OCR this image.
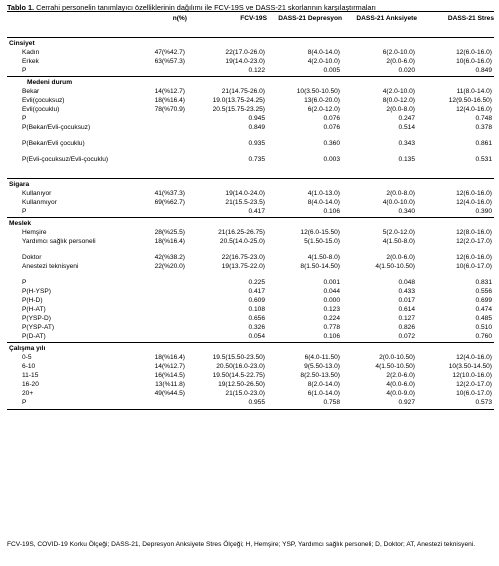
Tablo 1. Cerrahi personelin tanımlayıcı özelliklerinin dağılımı ile FCV-19S ve DASS-21 skorlarının karşılaştırmaları
	n(%)	FCV-19S	DASS-21 Depresyon	DASS-21 Anksiyete	DASS-21 Stres
Cinsiyet					
Kadın	47(%42.7)	22(17.0-26.0)	8(4.0-14.0)	6(2.0-10.0)	12(6.0-16.0)
Erkek	63(%57.3)	19(14.0-23.0)	4(2.0-10.0)	2(0.0-6.0)	10(6.0-16.0)
P		0.122	0.005	0.020	0.849
Medeni durum					
Bekar	14(%12.7)	21(14.75-26.0)	10(3.50-10.50)	4(2.0-10.0)	11(8.0-14.0)
Evli(çocuksuz)	18(%16.4)	19.0(13.75-24.25)	13(6.0-20.0)	8(0.0-12.0)	12(9.50-16.50)
Evli(çocuklu)	78(%70.9)	20.5(15.75-23.25)	6(2.0-12.0)	2(0.0-8.0)	12(4.0-16.0)
P		0.945	0.076	0.247	0.748
P(Bekar/Evli-çocuksuz)		0.849	0.076	0.514	0.378
P(Bekar/Evli çocuklu)		0.935	0.360	0.343	0.861
P(Evli-çocuksuz/Evli-çocuklu)		0.735	0.003	0.135	0.531
Sigara					
Kullanıyor	41(%37.3)	19(14.0-24.0)	4(1.0-13.0)	2(0.0-8.0)	12(6.0-16.0)
Kullanmıyor	69(%62.7)	21(15.5-23.5)	8(4.0-14.0)	4(0.0-10.0)	12(4.0-16.0)
P		0.417	0.106	0.340	0.390
Meslek					
Hemşire	28(%25.5)	21(16.25-26.75)	12(6.0-15.50)	5(2.0-12.0)	12(8.0-16.0)
Yardımcı sağlık personeli	18(%16.4)	20.5(14.0-25.0)	5(1.50-15.0)	4(1.50-8.0)	12(2.0-17.0)
Doktor	42(%38.2)	22(16.75-23.0)	4(1.50-8.0)	2(0.0-6.0)	12(6.0-16.0)
Anestezi teknisyeni	22(%20.0)	19(13.75-22.0)	8(1.50-14.50)	4(1.50-10.50)	10(6.0-17.0)
P		0.225	0.001	0.048	0.831
P(H-YSP)		0.417	0.044	0.433	0.556
P(H-D)		0.609	0.000	0.017	0.699
P(H-AT)		0.108	0.123	0.614	0.474
P(YSP-D)		0.656	0.224	0.127	0.485
P(YSP-AT)		0.326	0.778	0.826	0.510
P(D-AT)		0.054	0.106	0.072	0.760
Çalışma yılı					
0-5	18(%16.4)	19.5(15.50-23.50)	6(4.0-11.50)	2(0.0-10.50)	12(4.0-16.0)
6-10	14(%12.7)	20.50(16.0-23.0)	9(5.50-13.0)	4(1.50-10.50)	10(3.50-14.50)
11-15	16(%14.5)	19.50(14.5-22.75)	8(2.50-13.50)	2(2.0-6.0)	12(10.0-16.0)
16-20	13(%11.8)	19(12.50-26.50)	8(2.0-14.0)	4(0.0-6.0)	12(2.0-17.0)
20+	49(%44.5)	21(15.0-23.0)	6(1.0-14.0)	4(0.0-9.0)	10(6.0-17.0)
P		0.955	0.758	0.927	0.573
FCV-19S, COVID-19 Korku Ölçeği; DASS-21, Depresyon Anksiyete Stres Ölçeği; H, Hemşire; YSP, Yardımcı sağlık personeli; D, Doktor; AT, Anestezi teknisyeni.
